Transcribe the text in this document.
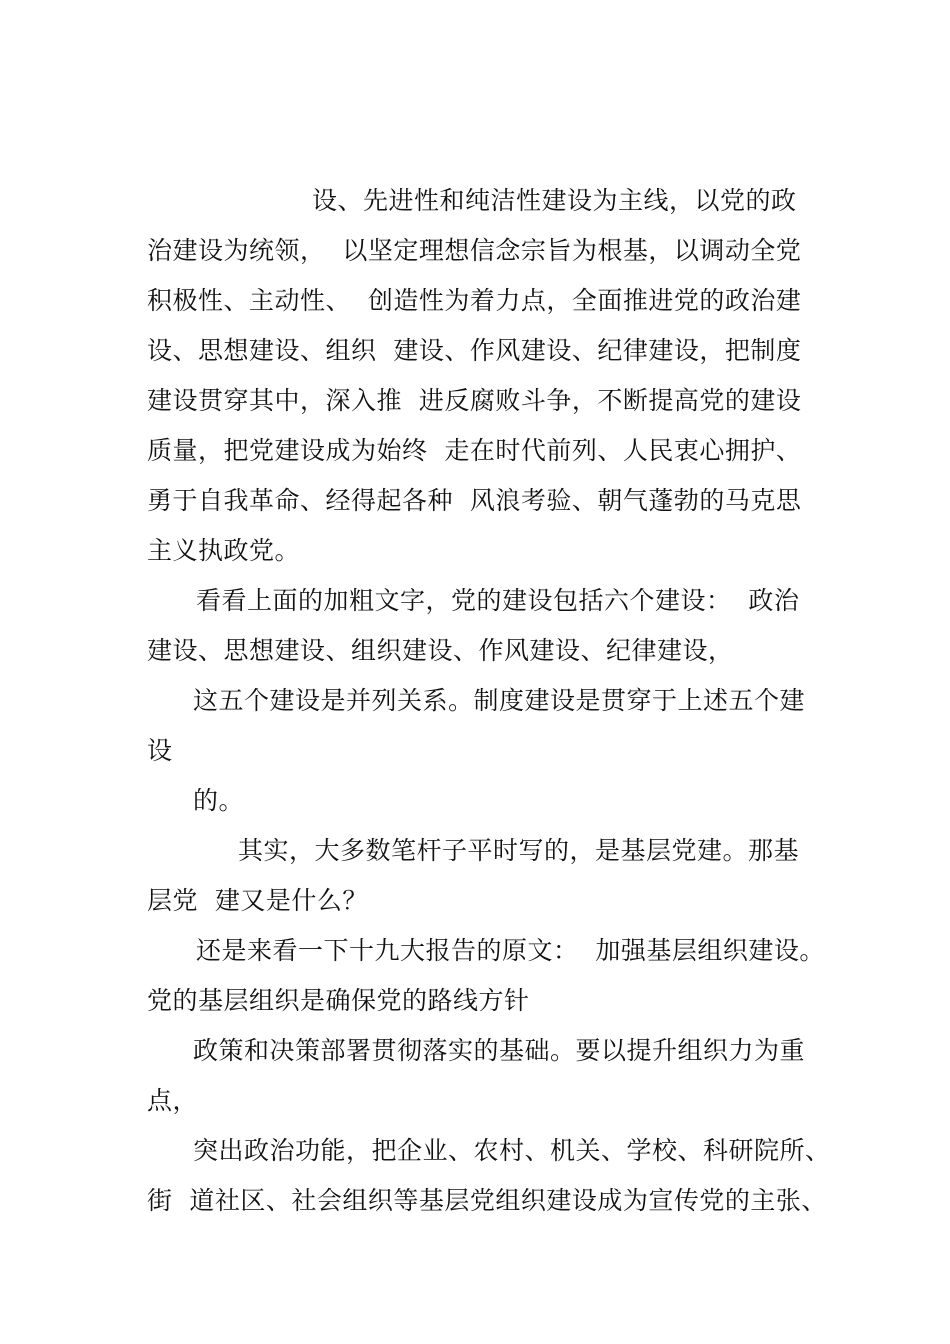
设、先进性和纯洁性建设为主线，以党的政
治建设为统领，  以坚定理想信念宗旨为根基，以调动全党
积极性、主动性、  创造性为着力点，全面推进党的政治建
设、思想建设、组织  建设、作风建设、纪律建设，把制度
建设贯穿其中，深入推  进反腐败斗争，不断提高党的建设
质量，把党建设成为始终  走在时代前列、人民衷心拥护、
勇于自我革命、经得起各种  风浪考验、朝气蓬勃的马克思
主义执政党。
看看上面的加粗文字，党的建设包括六个建设：  政治
建设、思想建设、组织建设、作风建设、纪律建设，
这五个建设是并列关系。制度建设是贯穿于上述五个建
设
的。
其实，大多数笔杆子平时写的，是基层党建。那基
层党  建又是什么？
还是来看一下十九大报告的原文：  加强基层组织建设。
党的基层组织是确保党的路线方针
政策和决策部署贯彻落实的基础。要以提升组织力为重
点，
突出政治功能，把企业、农村、机关、学校、科研院所、
街  道社区、社会组织等基层党组织建设成为宣传党的主张、
